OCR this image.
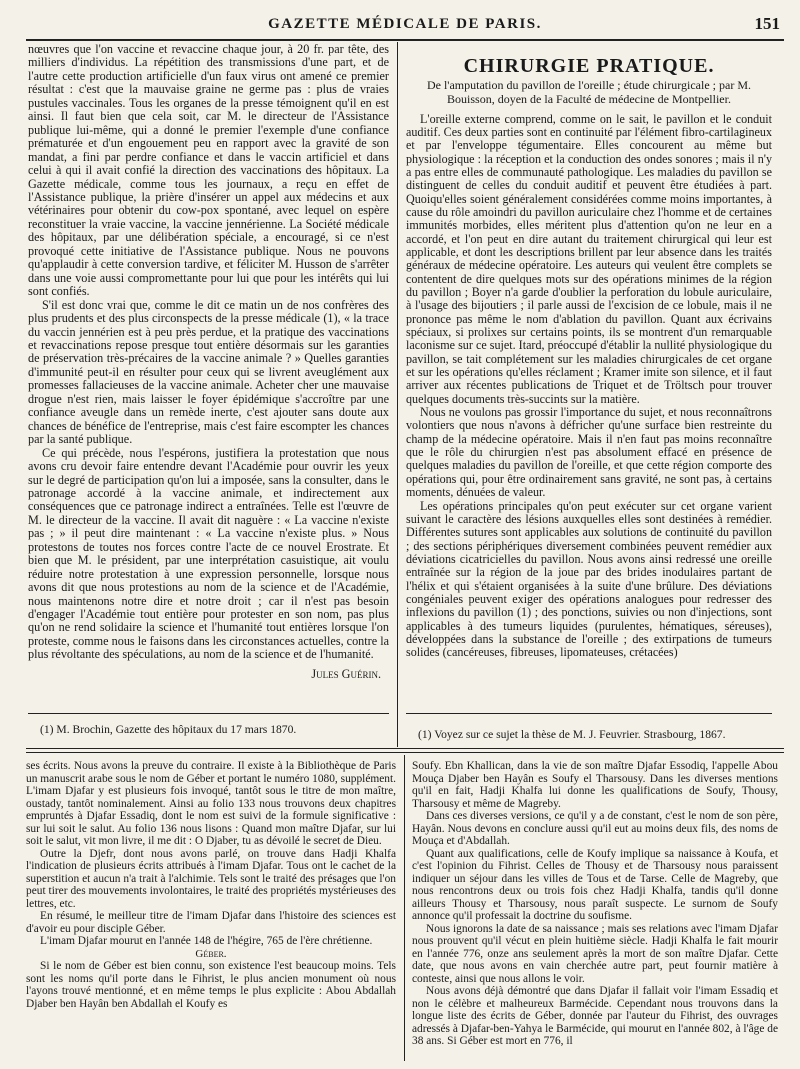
GAZETTE MÉDICALE DE PARIS.	151

nœuvres que l'on vaccine et revaccine chaque jour, à 20 fr. par tête, des milliers d'individus. La répétition des transmissions d'une part, et de l'autre cette production artificielle d'un faux virus ont amené ce premier résultat : c'est que la mauvaise graine ne germe pas : plus de vraies pustules vaccinales. Tous les organes de la presse témoignent qu'il en est ainsi. Il faut bien que cela soit, car M. le directeur de l'Assistance publique lui-même, qui a donné le premier l'exemple d'une confiance prématurée et d'un engouement peu en rapport avec la gravité de son mandat, a fini par perdre confiance et dans le vaccin artificiel et dans celui à qui il avait confié la direction des vaccinations des hôpitaux. La Gazette médicale, comme tous les journaux, a reçu en effet de l'Assistance publique, la prière d'insérer un appel aux médecins et aux vétérinaires pour obtenir du cow-pox spontané, avec lequel on espère reconstituer la vraie vaccine, la vaccine jennérienne. La Société médicale des hôpitaux, par une délibération spéciale, a encouragé, si ce n'est provoqué cette initiative de l'Assistance publique. Nous ne pouvons qu'applaudir à cette conversion tardive, et féliciter M. Husson de s'arrêter dans une voie aussi compromettante pour lui que pour les intérêts qui lui sont confiés.

S'il est donc vrai que, comme le dit ce matin un de nos confrères des plus prudents et des plus circonspects de la presse médicale (1), « la trace du vaccin jennérien est à peu près perdue, et la pratique des vaccinations et revaccinations repose presque tout entière désormais sur les garanties de préservation très-précaires de la vaccine animale ? » Quelles garanties d'immunité peut-il en résulter pour ceux qui se livrent aveuglément aux promesses fallacieuses de la vaccine animale. Acheter cher une mauvaise drogue n'est rien, mais laisser le foyer épidémique s'accroître par une confiance aveugle dans un remède inerte, c'est ajouter sans doute aux chances de bénéfice de l'entreprise, mais c'est faire escompter les chances par la santé publique.

Ce qui précède, nous l'espérons, justifiera la protestation que nous avons cru devoir faire entendre devant l'Académie pour ouvrir les yeux sur le degré de participation qu'on lui a imposée, sans la consulter, dans le patronage accordé à la vaccine animale, et indirectement aux conséquences que ce patronage indirect a entraînées. Telle est l'œuvre de M. le directeur de la vaccine. Il avait dit naguère : « La vaccine n'existe pas ; » il peut dire maintenant : « La vaccine n'existe plus. » Nous protestons de toutes nos forces contre l'acte de ce nouvel Erostrate. Et bien que M. le président, par une interprétation casuistique, ait voulu réduire notre protestation à une expression personnelle, lorsque nous avons dit que nous protestions au nom de la science et de l'Académie, nous maintenons notre dire et notre droit ; car il n'est pas besoin d'engager l'Académie tout entière pour protester en son nom, pas plus qu'on ne rend solidaire la science et l'humanité tout entières lorsque l'on proteste, comme nous le faisons dans les circonstances actuelles, contre la plus révoltante des spéculations, au nom de la science et de l'humanité.

Jules Guérin.

(1) M. Brochin, Gazette des hôpitaux du 17 mars 1870.
CHIRURGIE PRATIQUE.
De l'amputation du pavillon de l'oreille ; étude chirurgicale ; par M. Bouisson, doyen de la Faculté de médecine de Montpellier.

L'oreille externe comprend, comme on le sait, le pavillon et le conduit auditif. Ces deux parties sont en continuité par l'élément fibro-cartilagineux et par l'enveloppe tégumentaire. Elles concourent au même but physiologique : la réception et la conduction des ondes sonores ; mais il n'y a pas entre elles de communauté pathologique. Les maladies du pavillon se distinguent de celles du conduit auditif et peuvent être étudiées à part. Quoiqu'elles soient généralement considérées comme moins importantes, à cause du rôle amoindri du pavillon auriculaire chez l'homme et de certaines immunités morbides, elles méritent plus d'attention qu'on ne leur en a accordé, et l'on peut en dire autant du traitement chirurgical qui leur est applicable, et dont les descriptions brillent par leur absence dans les traités généraux de médecine opératoire. Les auteurs qui veulent être complets se contentent de dire quelques mots sur des opérations minimes de la région du pavillon ; Boyer n'a garde d'oublier la perforation du lobule auriculaire, à l'usage des bijoutiers ; il parle aussi de l'excision de ce lobule, mais il ne prononce pas même le nom d'ablation du pavillon. Quant aux écrivains spéciaux, si prolixes sur certains points, ils se montrent d'un remarquable laconisme sur ce sujet. Itard, préoccupé d'établir la nullité physiologique du pavillon, se tait complétement sur les maladies chirurgicales de cet organe et sur les opérations qu'elles réclament ; Kramer imite son silence, et il faut arriver aux récentes publications de Triquet et de Tröltsch pour trouver quelques documents très-succints sur la matière.

Nous ne voulons pas grossir l'importance du sujet, et nous reconnaîtrons volontiers que nous n'avons à défricher qu'une surface bien restreinte du champ de la médecine opératoire. Mais il n'en faut pas moins reconnaître que le rôle du chirurgien n'est pas absolument effacé en présence de quelques maladies du pavillon de l'oreille, et que cette région comporte des opérations qui, pour être ordinairement sans gravité, ne sont pas, à certains moments, dénuées de valeur.

Les opérations principales qu'on peut exécuter sur cet organe varient suivant le caractère des lésions auxquelles elles sont destinées à remédier. Différentes sutures sont applicables aux solutions de continuité du pavillon ; des sections périphériques diversement combinées peuvent remédier aux déviations cicatricielles du pavillon. Nous avons ainsi redressé une oreille entraînée sur la région de la joue par des brides inodulaires partant de l'hélix et qui s'étaient organisées à la suite d'une brûlure. Des déviations congéniales peuvent exiger des opérations analogues pour redresser des inflexions du pavillon (1) ; des ponctions, suivies ou non d'injections, sont applicables à des tumeurs liquides (purulentes, hématiques, séreuses), développées dans la substance de l'oreille ; des extirpations de tumeurs solides (cancéreuses, fibreuses, lipomateuses, crétacées)

(1) Voyez sur ce sujet la thèse de M. J. Feuvrier. Strasbourg, 1867.

ses écrits. Nous avons la preuve du contraire. Il existe à la Bibliothèque de Paris un manuscrit arabe sous le nom de Géber et portant le numéro 1080, supplément. L'imam Djafar y est plusieurs fois invoqué, tantôt sous le titre de mon maître, oustady, tantôt nominalement. Ainsi au folio 133 nous trouvons deux chapitres empruntés à Djafar Essadiq, dont le nom est suivi de la formule significative : sur lui soit le salut. Au folio 136 nous lisons : Quand mon maître Djafar, sur lui soit le salut, vit mon livre, il me dit : O Djaber, tu as dévoilé le secret de Dieu.

Outre la Djefr, dont nous avons parlé, on trouve dans Hadji Khalfa l'indication de plusieurs écrits attribués à l'imam Djafar. Tous ont le cachet de la superstition et aucun n'a trait à l'alchimie. Tels sont le traité des présages que l'on peut tirer des mouvements involontaires, le traité des propriétés mystérieuses des lettres, etc.

En résumé, le meilleur titre de l'imam Djafar dans l'histoire des sciences est d'avoir eu pour disciple Géber.

L'imam Djafar mourut en l'année 148 de l'hégire, 765 de l'ère chrétienne.

Géber.

Si le nom de Géber est bien connu, son existence l'est beaucoup moins. Tels sont les noms qu'il porte dans le Fihrist, le plus ancien monument où nous l'ayons trouvé mentionné, et en même temps le plus explicite : Abou Abdallah Djaber ben Hayân ben Abdallah el Koufy es

Soufy. Ebn Khallican, dans la vie de son maître Djafar Essodiq, l'appelle Abou Mouça Djaber ben Hayân es Soufy el Tharsousy. Dans les diverses mentions qu'il en fait, Hadji Khalfa lui donne les qualifications de Soufy, Thousy, Tharsousy et même de Magreby.

Dans ces diverses versions, ce qu'il y a de constant, c'est le nom de son père, Hayân. Nous devons en conclure aussi qu'il eut au moins deux fils, des noms de Mouça et d'Abdallah.

Quant aux qualifications, celle de Koufy implique sa naissance à Koufa, et c'est l'opinion du Fihrist. Celles de Thousy et de Tharsousy nous paraissent indiquer un séjour dans les villes de Tous et de Tarse. Celle de Magreby, que nous rencontrons deux ou trois fois chez Hadji Khalfa, tandis qu'il donne ailleurs Thousy et Tharsousy, nous paraît suspecte. Le surnom de Soufy annonce qu'il professait la doctrine du soufisme.

Nous ignorons la date de sa naissance ; mais ses relations avec l'imam Djafar nous prouvent qu'il vécut en plein huitième siècle. Hadji Khalfa le fait mourir en l'année 776, onze ans seulement après la mort de son maître Djafar. Cette date, que nous avons en vain cherchée autre part, peut fournir matière à conteste, ainsi que nous allons le voir.

Nous avons déjà démontré que dans Djafar il fallait voir l'imam Essadiq et non le célèbre et malheureux Barmécide. Cependant nous trouvons dans la longue liste des écrits de Géber, donnée par l'auteur du Fihrist, des ouvrages adressés à Djafar-ben-Yahya le Barmécide, qui mourut en l'année 802, à l'âge de 38 ans. Si Géber est mort en 776, il
